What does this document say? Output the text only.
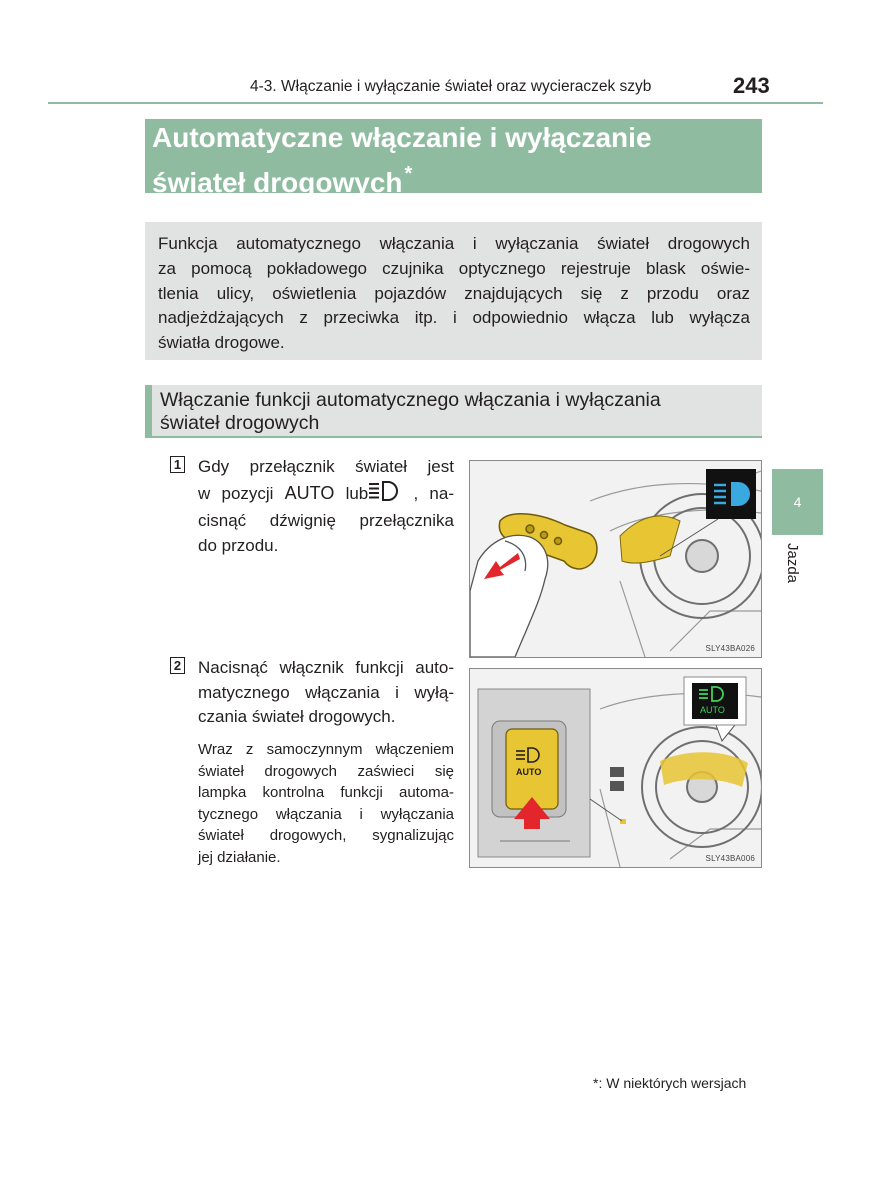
4-3. Włączanie i wyłączanie świateł oraz wycieraczek szyb	243
Automatyczne włączanie i wyłączanie
świateł drogowych *
Funkcja automatycznego włączania i wyłączania świateł drogowych
za pomocą pokładowego czujnika optycznego rejestruje blask oświe-
tlenia ulicy, oświetlenia pojazdów znajdujących się z przodu oraz
nadjeżdżających z przeciwka itp. i odpowiednio włącza lub wyłącza
światła drogowe.
Włączanie funkcji automatycznego włączania i wyłączania
świateł drogowych
1 Gdy przełącznik świateł jest
w pozycji AUTO lub	, na-
cisnąć dźwignię przełącznika
do przodu.
SLY43BA026
2 Nacisnąć włącznik funkcji auto-
matycznego włączania i wyłą-
czania świateł drogowych.
Wraz z samoczynnym włączeniem
świateł drogowych zaświeci się
lampka kontrolna funkcji automa-
tycznego włączania i wyłączania
świateł drogowych, sygnalizując
jej działanie.
AUTO
AUTO
SLY43BA006
4
Jazda
*: W niektórych wersjach
